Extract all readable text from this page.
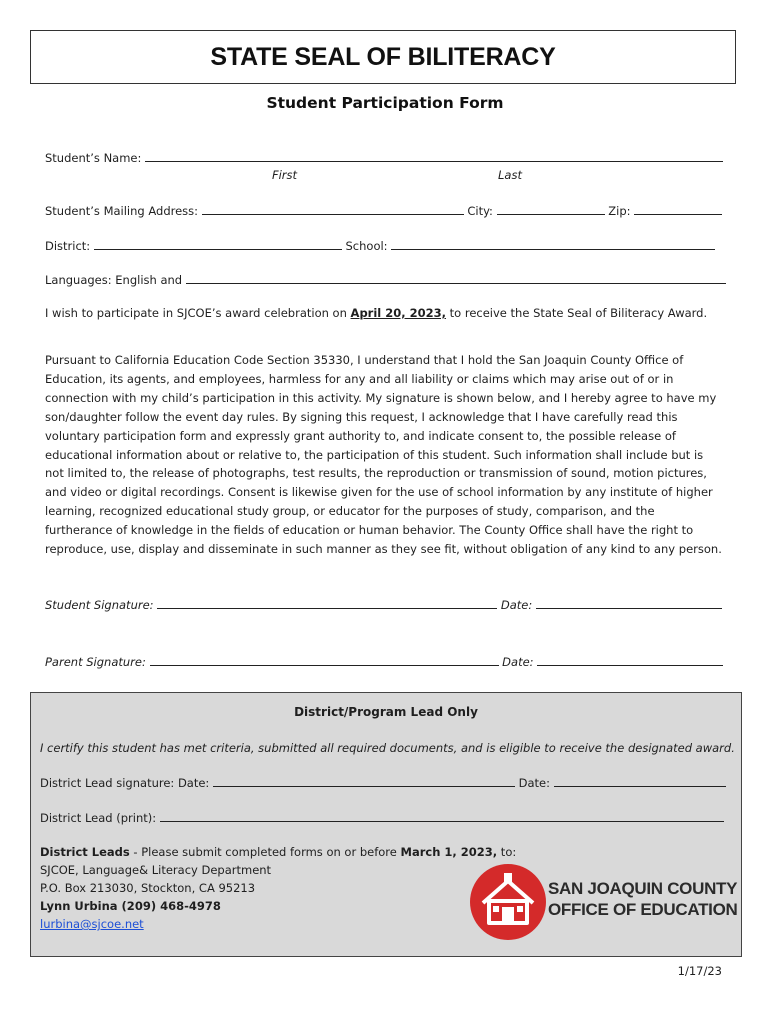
STATE SEAL OF BILITERACY
Student Participation Form
Student’s Name:
First	Last
Student’s Mailing Address:	City:	Zip:
District:	School:
Languages: English and
I wish to participate in SJCOE’s award celebration on April 20, 2023, to receive the State Seal of Biliteracy Award.

Pursuant to California Education Code Section 35330, I understand that I hold the San Joaquin County Office of Education, its agents, and employees, harmless for any and all liability or claims which may arise out of or in connection with my child’s participation in this activity. My signature is shown below, and I hereby agree to have my son/daughter follow the event day rules. By signing this request, I acknowledge that I have carefully read this voluntary participation form and expressly grant authority to, and indicate consent to, the possible release of educational information about or relative to, the participation of this student. Such information shall include but is not limited to, the release of photographs, test results, the reproduction or transmission of sound, motion pictures, and video or digital recordings. Consent is likewise given for the use of school information by any institute of higher learning, recognized educational study group, or educator for the purposes of study, comparison, and the furtherance of knowledge in the fields of education or human behavior. The County Office shall have the right to reproduce, use, display and disseminate in such manner as they see fit, without obligation of any kind to any person.

Student Signature:	Date:
Parent Signature:	Date:
District/Program Lead Only
I certify this student has met criteria, submitted all required documents, and is eligible to receive the designated award.
District Lead signature: Date:	Date:
District Lead (print):
District Leads - Please submit completed forms on or before March 1, 2023, to:
SJCOE, Language& Literacy Department
P.O. Box 213030, Stockton, CA 95213
Lynn Urbina (209) 468-4978
lurbina@sjcoe.net
SAN JOAQUIN COUNTY
OFFICE OF EDUCATION
1/17/23
